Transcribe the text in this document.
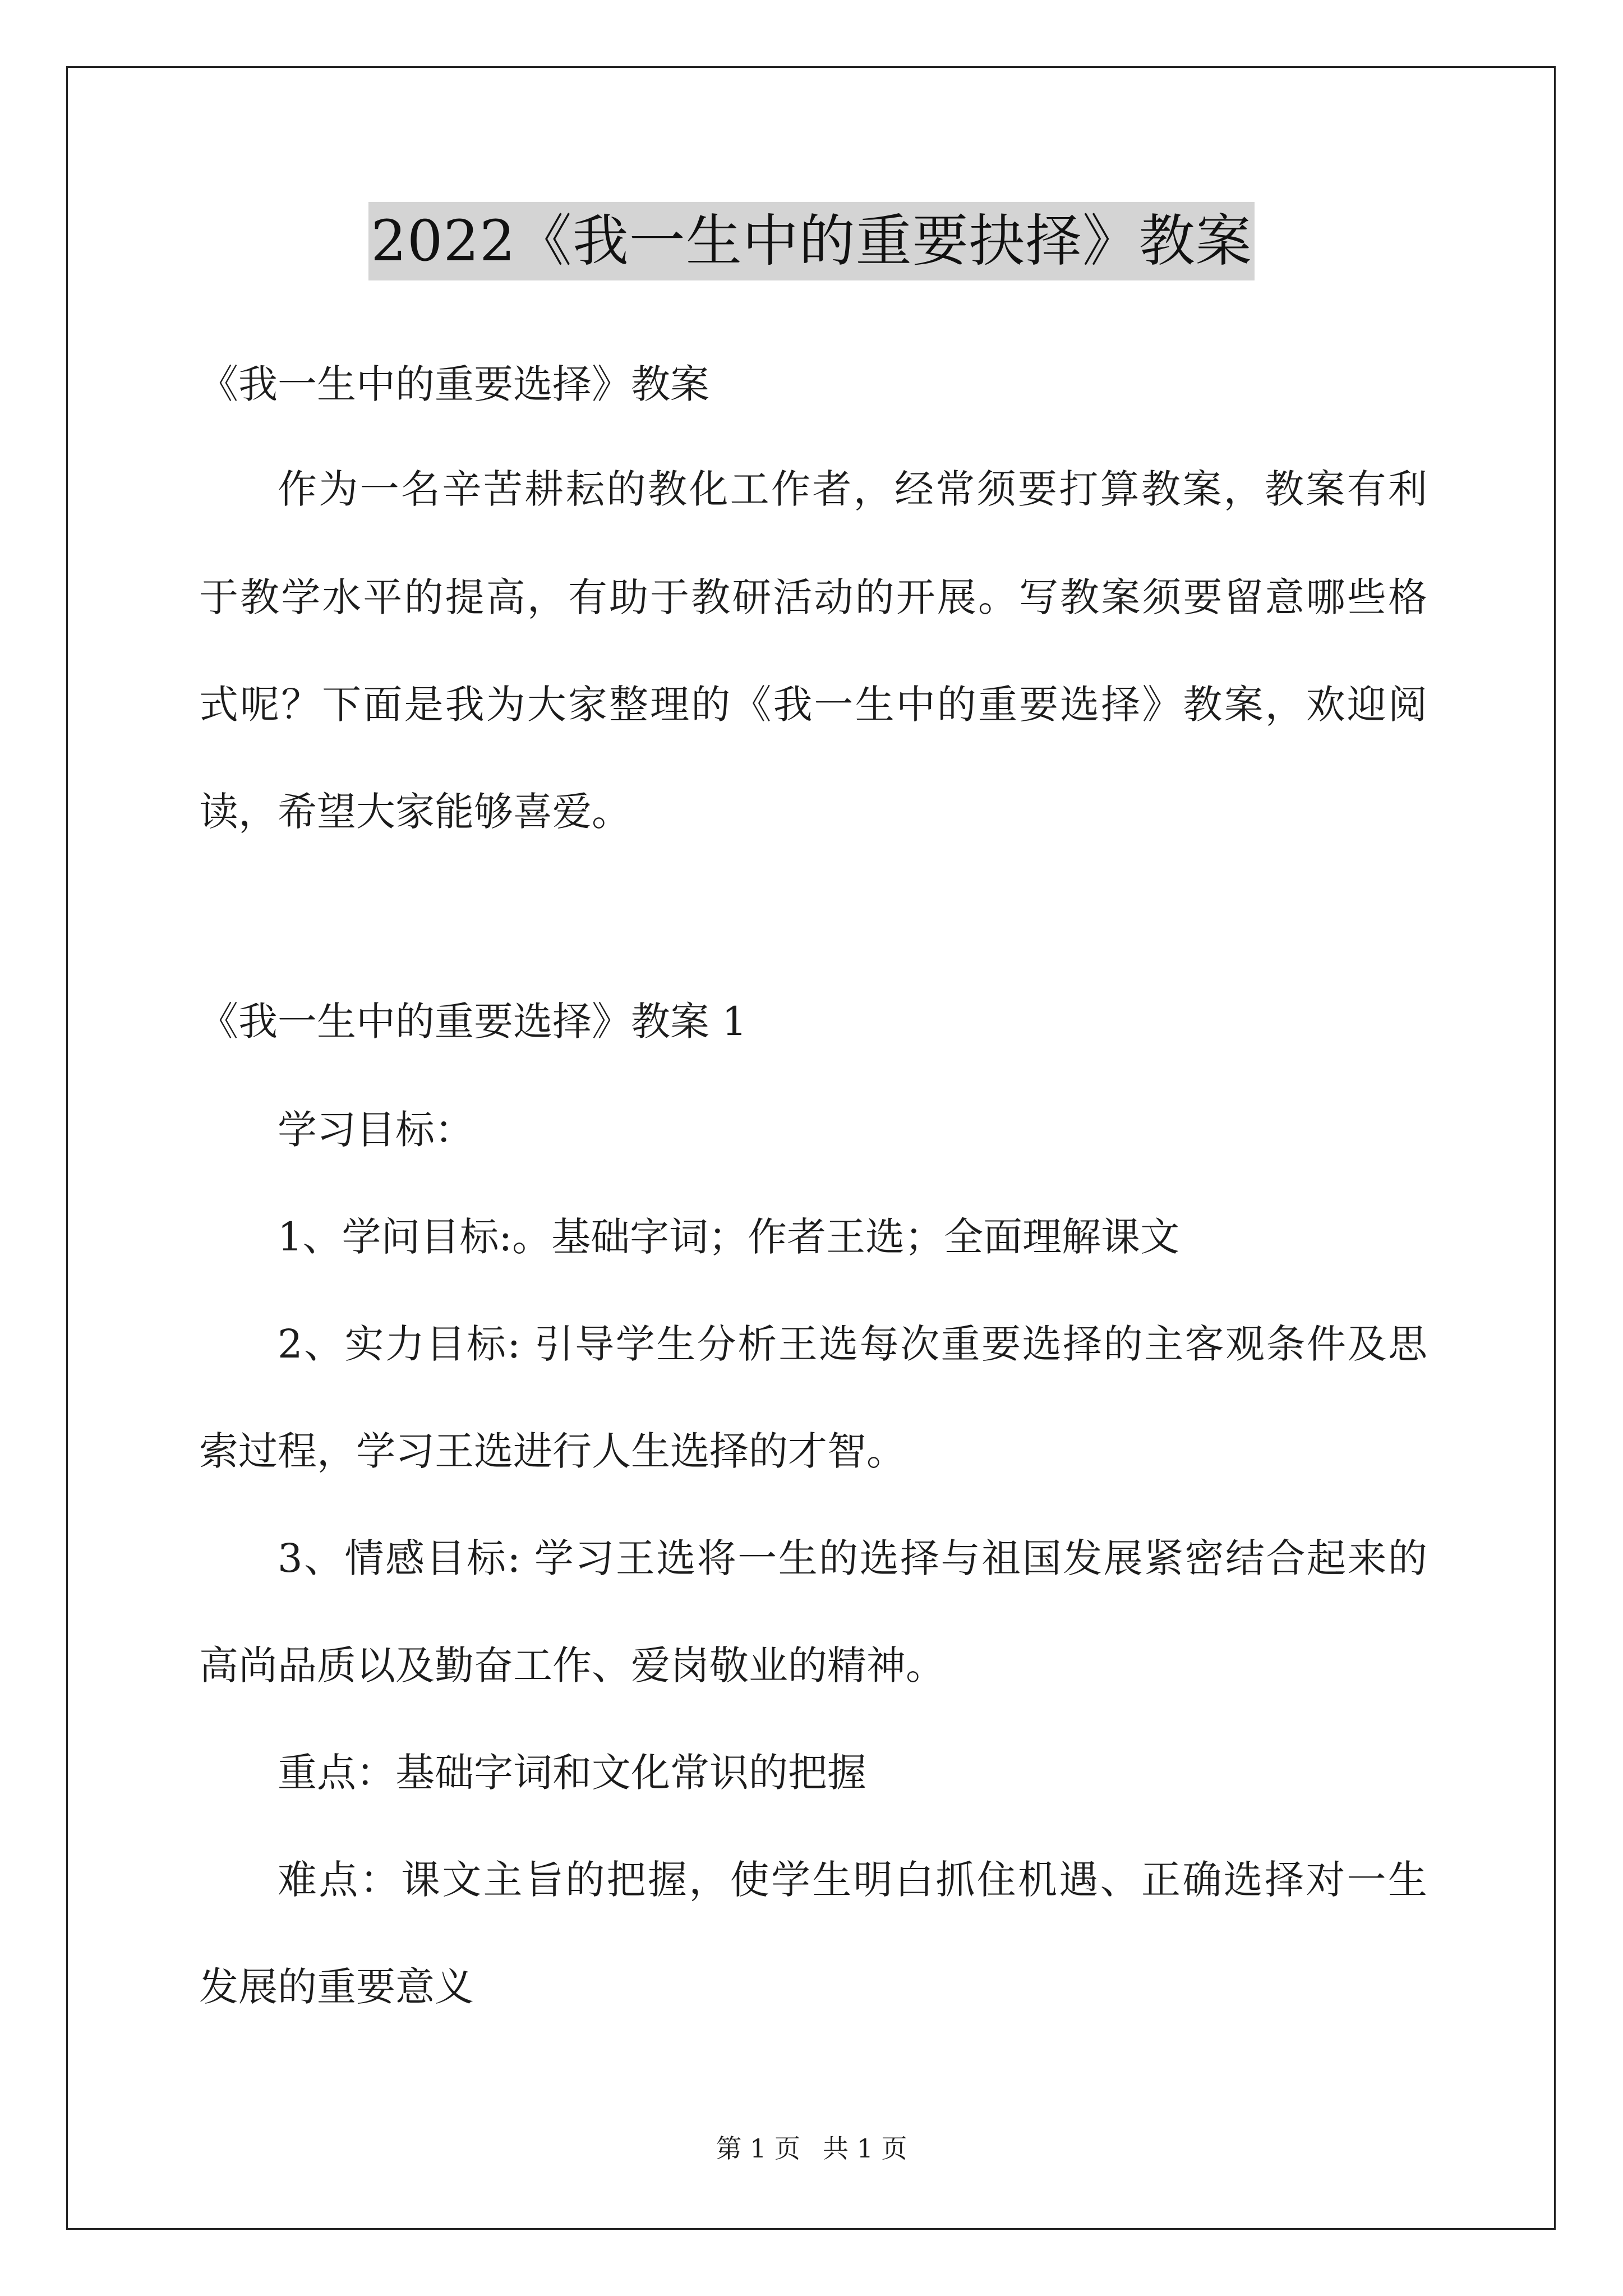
2022《我一生中的重要抉择》教案
《我一生中的重要选择》教案
作为一名辛苦耕耘的教化工作者，经常须要打算教案，教案有利
于教学水平的提高，有助于教研活动的开展。写教案须要留意哪些格
式呢？下面是我为大家整理的《我一生中的重要选择》教案，欢迎阅
读，希望大家能够喜爱。
《我一生中的重要选择》教案 1
学习目标：
1、学问目标:。基础字词；作者王选；全面理解课文
2、实力目标: 引导学生分析王选每次重要选择的主客观条件及思
索过程，学习王选进行人生选择的才智。
3、情感目标: 学习王选将一生的选择与祖国发展紧密结合起来的
高尚品质以及勤奋工作、爱岗敬业的精神。
重点：基础字词和文化常识的把握
难点：课文主旨的把握，使学生明白抓住机遇、正确选择对一生
发展的重要意义
第 1 页 共 1 页
